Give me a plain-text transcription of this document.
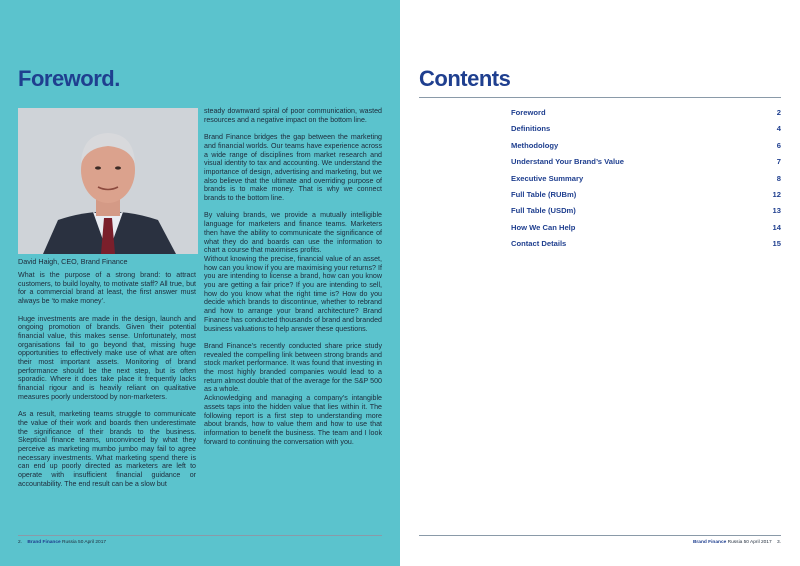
Foreword.

David Haigh, CEO, Brand Finance

What is the purpose of a strong brand: to attract customers, to build loyalty, to motivate staff? All true, but for a commercial brand at least, the first answer must always be ‘to make money’.

Huge investments are made in the design, launch and ongoing promotion of brands. Given their potential financial value, this makes sense. Unfortunately, most organisations fail to go beyond that, missing huge opportunities to effectively make use of what are often their most important assets. Monitoring of brand performance should be the next step, but is often sporadic. Where it does take place it frequently lacks financial rigour and is heavily reliant on qualitative measures poorly understood by non-marketers.

As a result, marketing teams struggle to communicate the value of their work and boards then underestimate the significance of their brands to the business. Skeptical finance teams, unconvinced by what they perceive as marketing mumbo jumbo may fail to agree necessary investments. What marketing spend there is can end up poorly directed as marketers are left to operate with insufficient financial guidance or accountability. The end result can be a slow but

steady downward spiral of poor communication, wasted resources and a negative impact on the bottom line.

Brand Finance bridges the gap between the marketing and financial worlds. Our teams have experience across a wide range of disciplines from market research and visual identity to tax and accounting. We understand the importance of design, advertising and marketing, but we also believe that the ultimate and overriding purpose of brands is to make money. That is why we connect brands to the bottom line.

By valuing brands, we provide a mutually intelligible language for marketers and finance teams. Marketers then have the ability to communicate the significance of what they do and boards can use the information to chart a course that maximises profits.

Without knowing the precise, financial value of an asset, how can you know if you are maximising your returns? If you are intending to license a brand, how can you know you are getting a fair price? If you are intending to sell, how do you know what the right time is? How do you decide which brands to discontinue, whether to rebrand and how to arrange your brand architecture? Brand Finance has conducted thousands of brand and branded business valuations to help answer these questions.

Brand Finance’s recently conducted share price study revealed the compelling link between strong brands and stock market performance. It was found that investing in the most highly branded companies would lead to a return almost double that of the average for the S&P 500 as a whole.

Acknowledging and managing a company’s intangible assets taps into the hidden value that lies within it. The following report is a first step to understanding more about brands, how to value them and how to use that information to benefit the business. The team and I look forward to continuing the conversation with you.

2. Brand Finance Russia 50 April 2017
Contents
Foreword	2
Definitions	4
Methodology	6
Understand Your Brand’s Value	7
Executive Summary	8
Full Table (RUBm)	12
Full Table (USDm)	13
How We Can Help	14
Contact Details	15
Brand Finance Russia 50 April 2017 3.
